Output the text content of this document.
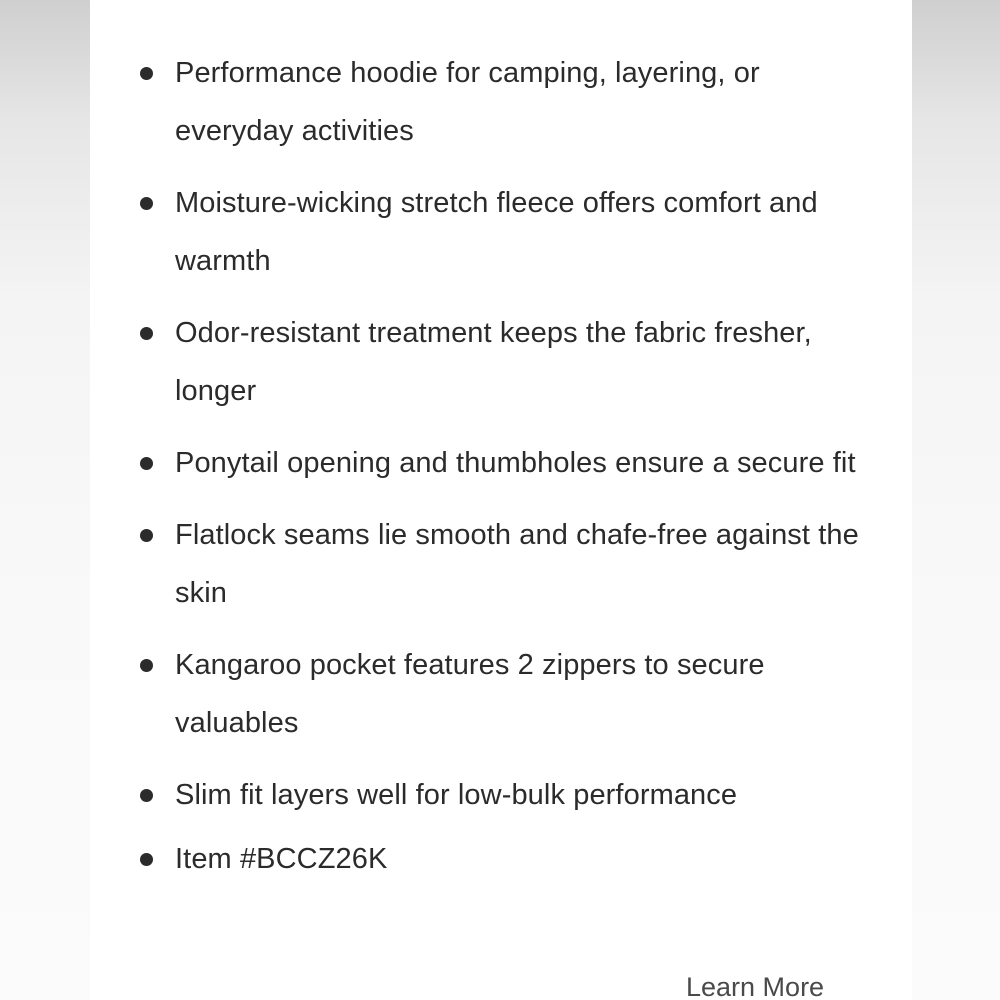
Performance hoodie for camping, layering, or everyday activities
Moisture-wicking stretch fleece offers comfort and warmth
Odor-resistant treatment keeps the fabric fresher, longer
Ponytail opening and thumbholes ensure a secure fit
Flatlock seams lie smooth and chafe-free against the skin
Kangaroo pocket features 2 zippers to secure valuables
Slim fit layers well for low-bulk performance
Item #BCCZ26K
Learn More
